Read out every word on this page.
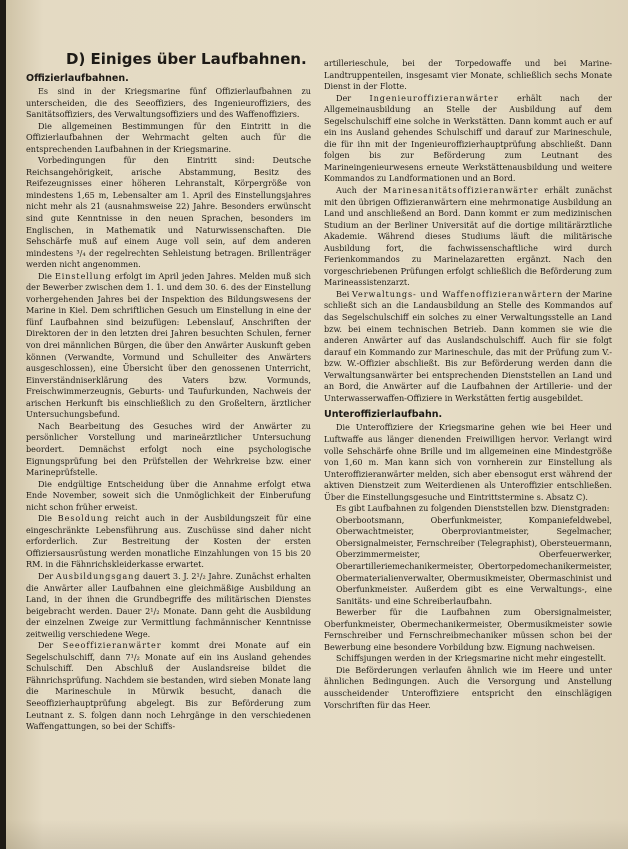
D) Einiges über Laufbahnen.
Offizierlaufbahnen.

Es sind in der Kriegsmarine fünf Offizierlaufbahnen zu unterscheiden, die des Seeoffiziers, des Ingenieuroffiziers, des Sanitätsoffiziers, des Verwaltungsoffiziers und des Waffenoffiziers.

Die allgemeinen Bestimmungen für den Eintritt in die Offizierlaufbahnen der Wehrmacht gelten auch für die entsprechenden Laufbahnen in der Kriegsmarine.

Vorbedingungen für den Eintritt sind: Deutsche Reichsangehörigkeit, arische Abstammung, Besitz des Reifezeugnisses einer höheren Lehranstalt, Körpergröße von mindestens 1,65 m, Lebensalter am 1. April des Einstellungsjahres nicht mehr als 21 (ausnahmsweise 22) Jahre. Besonders erwünscht sind gute Kenntnisse in den neuen Sprachen, besonders im Englischen, in Mathematik und Naturwissenschaften. Die Sehschärfe muß auf einem Auge voll sein, auf dem anderen mindestens ³/₄ der regelrechten Sehleistung betragen. Brillenträger werden nicht angenommen.

Die Einstellung erfolgt im April jeden Jahres. Melden muß sich der Bewerber zwischen dem 1. 1. und dem 30. 6. des der Einstellung vorhergehenden Jahres bei der Inspektion des Bildungswesens der Marine in Kiel. Dem schriftlichen Gesuch um Einstellung in eine der fünf Laufbahnen sind beizufügen: Lebenslauf, Anschriften der Direktoren der in den letzten drei Jahren besuchten Schulen, ferner von drei männlichen Bürgen, die über den Anwärter Auskunft geben können (Verwandte, Vormund und Schulleiter des Anwärters ausgeschlossen), eine Übersicht über den genossenen Unterricht, Einverständniserklärung des Vaters bzw. Vormunds, Freischwimmerzeugnis, Geburts- und Taufurkunden, Nachweis der arischen Herkunft bis einschließlich zu den Großeltern, ärztlicher Untersuchungsbefund.

Nach Bearbeitung des Gesuches wird der Anwärter zu persönlicher Vorstellung und marineärztlicher Untersuchung beordert. Demnächst erfolgt noch eine psychologische Eignungsprüfung bei den Prüfstellen der Wehrkreise bzw. einer Marineprüfstelle.

Die endgültige Entscheidung über die Annahme erfolgt etwa Ende November, soweit sich die Unmöglichkeit der Einberufung nicht schon früher erweist.

Die Besoldung reicht auch in der Ausbildungszeit für eine eingeschränkte Lebensführung aus. Zuschüsse sind daher nicht erforderlich. Zur Bestreitung der Kosten der ersten Offiziersausrüstung werden monatliche Einzahlungen von 15 bis 20 RM. in die Fähnrichskleiderkasse erwartet.

Der Ausbildungsgang dauert 3. J. 2¹/₂ Jahre. Zunächst erhalten die Anwärter aller Laufbahnen eine gleichmäßige Ausbildung an Land, in der ihnen die Grundbegriffe des militärischen Dienstes beigebracht werden. Dauer 2¹/₂ Monate. Dann geht die Ausbildung der einzelnen Zweige zur Vermittlung fachmännischer Kenntnisse zeitweilig verschiedene Wege.

Der Seeoffizieranwärter kommt drei Monate auf ein Segelschulschiff, dann 7¹/₂ Monate auf ein ins Ausland gehendes Schulschiff. Den Abschluß der Auslandsreise bildet die Fähnrichsprüfung. Nachdem sie bestanden, wird sieben Monate lang die Marineschule in Mürwik besucht, danach die Seeoffizierhauptprüfung abgelegt. Bis zur Beförderung zum Leutnant z. S. folgen dann noch Lehrgänge in den verschiedenen Waffengattungen, so bei der Schiffs-

artillerieschule, bei der Torpedowaffe und bei Marine-Landtruppenteilen, insgesamt vier Monate, schließlich sechs Monate Dienst in der Flotte.

Der Ingenieuroffizieranwärter erhält nach der Allgemeinausbildung an Stelle der Ausbildung auf dem Segelschulschiff eine solche in Werkstätten. Dann kommt auch er auf ein ins Ausland gehendes Schulschiff und darauf zur Marineschule, die für ihn mit der Ingenieuroffizierhauptprüfung abschließt. Dann folgen bis zur Beförderung zum Leutnant des Marineingenieurwesens erneute Werkstättenausbildung und weitere Kommandos zu Landformationen und an Bord.

Auch der Marinesanitätsoffizieranwärter erhält zunächst mit den übrigen Offizieranwärtern eine mehrmonatige Ausbildung an Land und anschließend an Bord. Dann kommt er zum medizinischen Studium an der Berliner Universität auf die dortige militärärztliche Akademie. Während dieses Studiums läuft die militärische Ausbildung fort, die fachwissenschaftliche wird durch Ferienkommandos zu Marinelazaretten ergänzt. Nach den vorgeschriebenen Prüfungen erfolgt schließlich die Beförderung zum Marineassistenzarzt.

Bei Verwaltungs- und Waffenoffizieranwärtern der Marine schließt sich an die Landausbildung an Stelle des Kommandos auf das Segelschulschiff ein solches zu einer Verwaltungsstelle an Land bzw. bei einem technischen Betrieb. Dann kommen sie wie die anderen Anwärter auf das Auslandschulschiff. Auch für sie folgt darauf ein Kommando zur Marineschule, das mit der Prüfung zum V.- bzw. W.-Offizier abschließt. Bis zur Beförderung werden dann die Verwaltungsanwärter bei entsprechenden Dienststellen an Land und an Bord, die Anwärter auf die Laufbahnen der Artillerie- und der Unterwasserwaffen-Offiziere in Werkstätten fertig ausgebildet.

Unteroffizierlaufbahn.

Die Unteroffiziere der Kriegsmarine gehen wie bei Heer und Luftwaffe aus länger dienenden Freiwilligen hervor. Verlangt wird volle Sehschärfe ohne Brille und im allgemeinen eine Mindestgröße von 1,60 m. Man kann sich von vornherein zur Einstellung als Unteroffizieranwärter melden, sich aber ebensogut erst während der aktiven Dienstzeit zum Weiterdienen als Unteroffizier entschließen. Über die Einstellungsgesuche und Eintrittstermine s. Absatz C).

Es gibt Laufbahnen zu folgenden Dienststellen bzw. Dienstgraden:

Oberbootsmann, Oberfunkmeister, Kompaniefeldwebel, Oberwachtmeister, Oberproviantmeister, Segelmacher, Obersignalmeister, Fernschreiber (Telegraphist), Obersteuermann, Oberzimmermeister, Oberfeuerwerker, Oberartilleriemechanikermeister, Obertorpedomechanikermeister, Obermaterialienverwalter, Obermusikmeister, Obermaschinist und Oberfunkmeister. Außerdem gibt es eine Verwaltungs-, eine Sanitäts- und eine Schreiberlaufbahn.

Bewerber für die Laufbahnen zum Obersignalmeister, Oberfunkmeister, Obermechanikermeister, Obermusikmeister sowie Fernschreiber und Fernschreibmechaniker müssen schon bei der Bewerbung eine besondere Vorbildung bzw. Eignung nachweisen.

Schiffsjungen werden in der Kriegsmarine nicht mehr eingestellt.

Die Beförderungen verlaufen ähnlich wie im Heere und unter ähnlichen Bedingungen. Auch die Versorgung und Anstellung ausscheidender Unteroffiziere entspricht den einschlägigen Vorschriften für das Heer.
